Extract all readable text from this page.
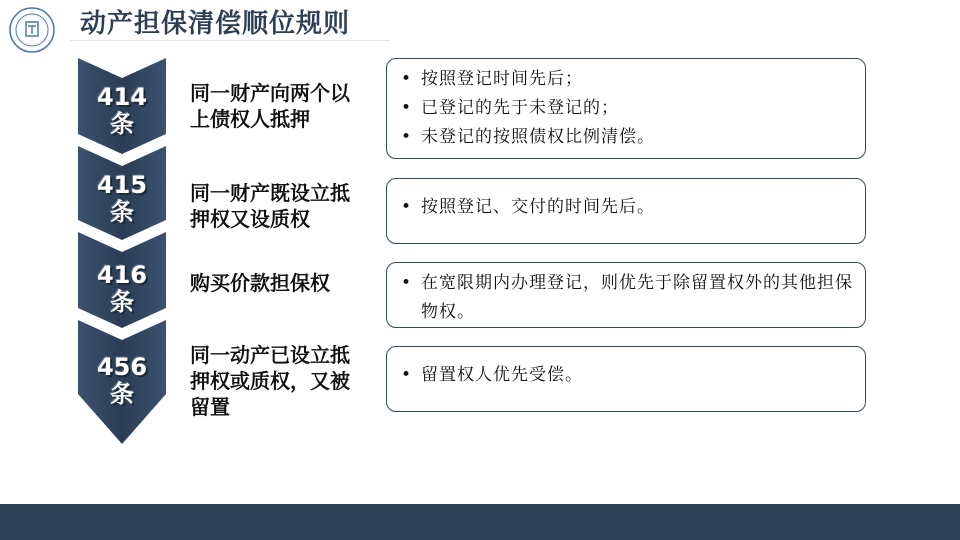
动产担保清偿顺位规则
414
条
415
条
416
条
456
条
同一财产向两个以上债权人抵押
同一财产既设立抵押权又设质权
购买价款担保权
同一动产已设立抵押权或质权，又被留置
• 按照登记时间先后；
• 已登记的先于未登记的；
• 未登记的按照债权比例清偿。
• 按照登记、交付的时间先后。
• 在宽限期内办理登记，则优先于除留置权外的其他担保物权。
• 留置权人优先受偿。
